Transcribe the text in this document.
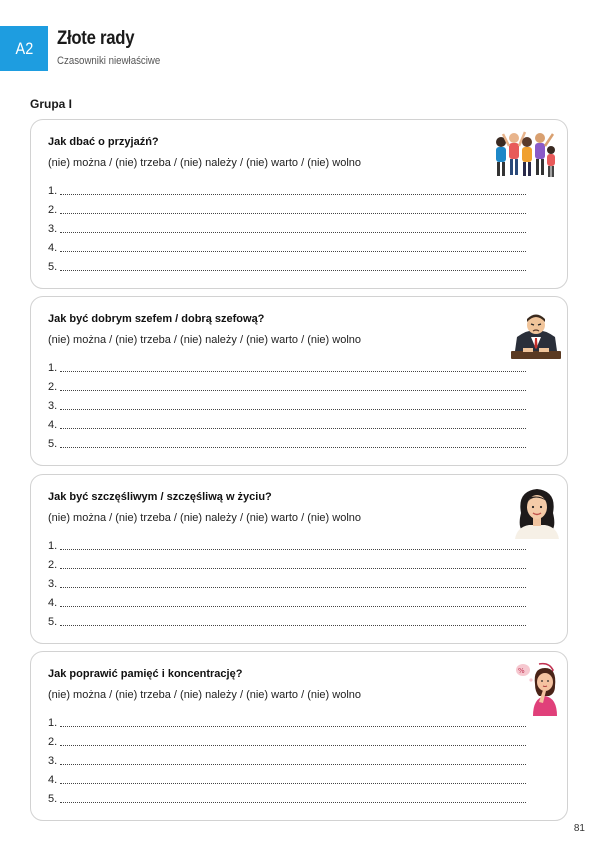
A2 Złote rady
Czasowniki niewłaściwe
Grupa I
Jak dbać o przyjaźń?
(nie) można / (nie) trzeba / (nie) należy / (nie) warto / (nie) wolno
1.
2.
3.
4.
5.
Jak być dobrym szefem / dobrą szefową?
(nie) można / (nie) trzeba / (nie) należy / (nie) warto / (nie) wolno
1.
2.
3.
4.
5.
Jak być szczęśliwym / szczęśliwą w życiu?
(nie) można / (nie) trzeba / (nie) należy / (nie) warto / (nie) wolno
1.
2.
3.
4.
5.
Jak poprawić pamięć i koncentrację?
(nie) można / (nie) trzeba / (nie) należy / (nie) warto / (nie) wolno
1.
2.
3.
4.
5.
%
81
